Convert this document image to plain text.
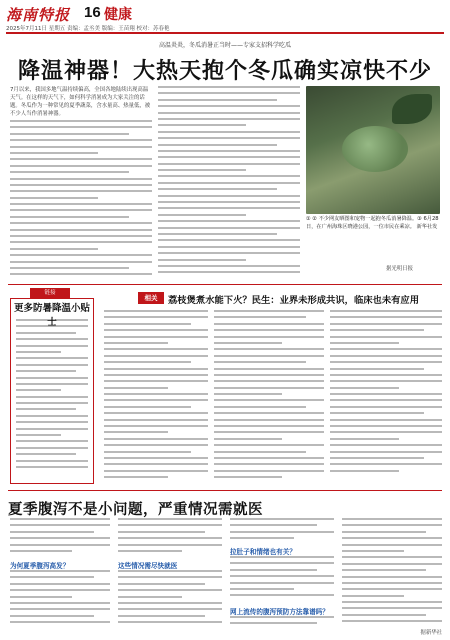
海南特报 16 健康
2025年7月11日 星期五 责编：孟丞美 版编：王苗翔 校对：苏春艳
高温炎炎，冬瓜消暑正当时——专家支招科学吃瓜
降温神器！大热天抱个冬瓜确实凉快不少
7月以来，我国多地气温持续偏高，全国各地陆续出现高温天气。在这样的天气下，如何科学消暑成为大家关注的话题。冬瓜作为一种常见的夏季蔬菜，含水量高、热量低，被不少人当作消暑神器。
① ② 不少网友晒图和宠物一起抱冬瓜消暑降温。③ 6月28日，在广州海珠区晓港公园，一位市民在乘凉。 新华社发
据光明日报
链接
更多防暑降温小贴士
相关	荔枝煲煮水能下火？民生：业界未形成共识，临床也未有应用
夏季腹泻不是小问题，严重情况需就医
为何夏季腹泻高发？	这些情况需尽快就医
拉肚子和情绪也有关？
网上流传的腹泻预防方法靠谱吗？
据新华社
